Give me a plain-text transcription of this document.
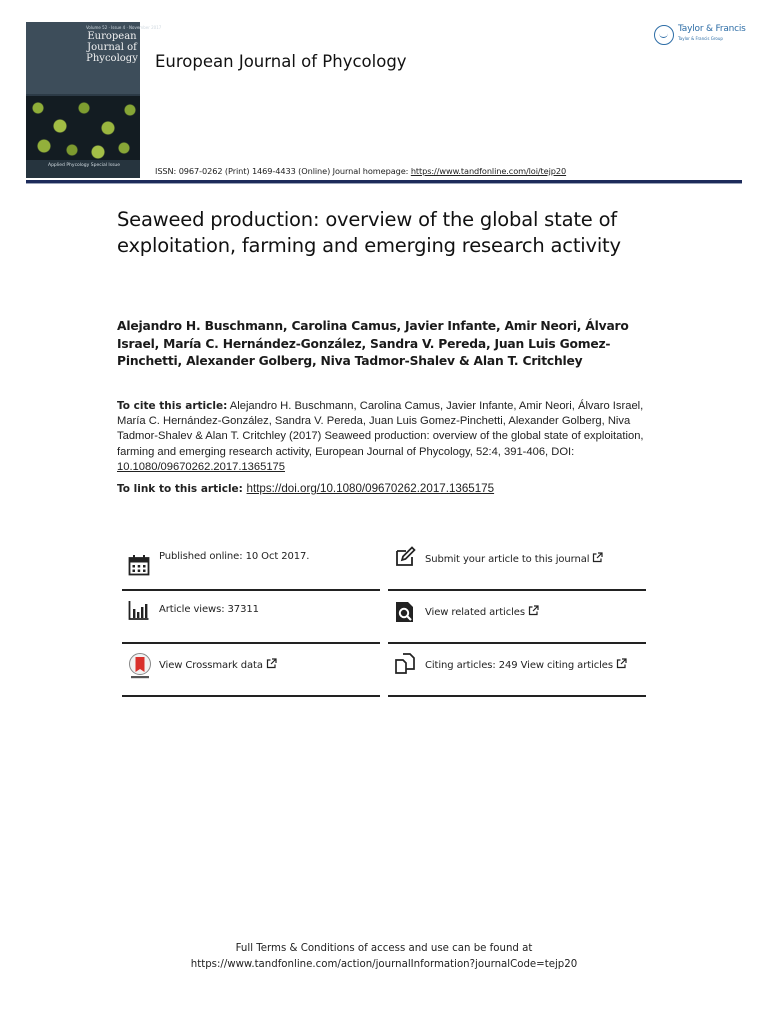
Volume 52 · Issue 4 · November 2017
European Journal of Phycology
Applied Phycology Special Issue
European Journal of Phycology
Taylor & Francis
Taylor & Francis Group
ISSN: 0967-0262 (Print) 1469-4433 (Online) Journal homepage: https://www.tandfonline.com/loi/tejp20
Seaweed production: overview of the global state of exploitation, farming and emerging research activity
Alejandro H. Buschmann, Carolina Camus, Javier Infante, Amir Neori, Álvaro Israel, María C. Hernández-González, Sandra V. Pereda, Juan Luis Gomez-Pinchetti, Alexander Golberg, Niva Tadmor-Shalev & Alan T. Critchley
To cite this article: Alejandro H. Buschmann, Carolina Camus, Javier Infante, Amir Neori, Álvaro Israel, María C. Hernández-González, Sandra V. Pereda, Juan Luis Gomez-Pinchetti, Alexander Golberg, Niva Tadmor-Shalev & Alan T. Critchley (2017) Seaweed production: overview of the global state of exploitation, farming and emerging research activity, European Journal of Phycology, 52:4, 391-406, DOI: 10.1080/09670262.2017.1365175
To link to this article: https://doi.org/10.1080/09670262.2017.1365175
Published online: 10 Oct 2017.	Submit your article to this journal
Article views: 37311	View related articles
View Crossmark data	Citing articles: 249 View citing articles
Full Terms & Conditions of access and use can be found at
https://www.tandfonline.com/action/journalInformation?journalCode=tejp20
